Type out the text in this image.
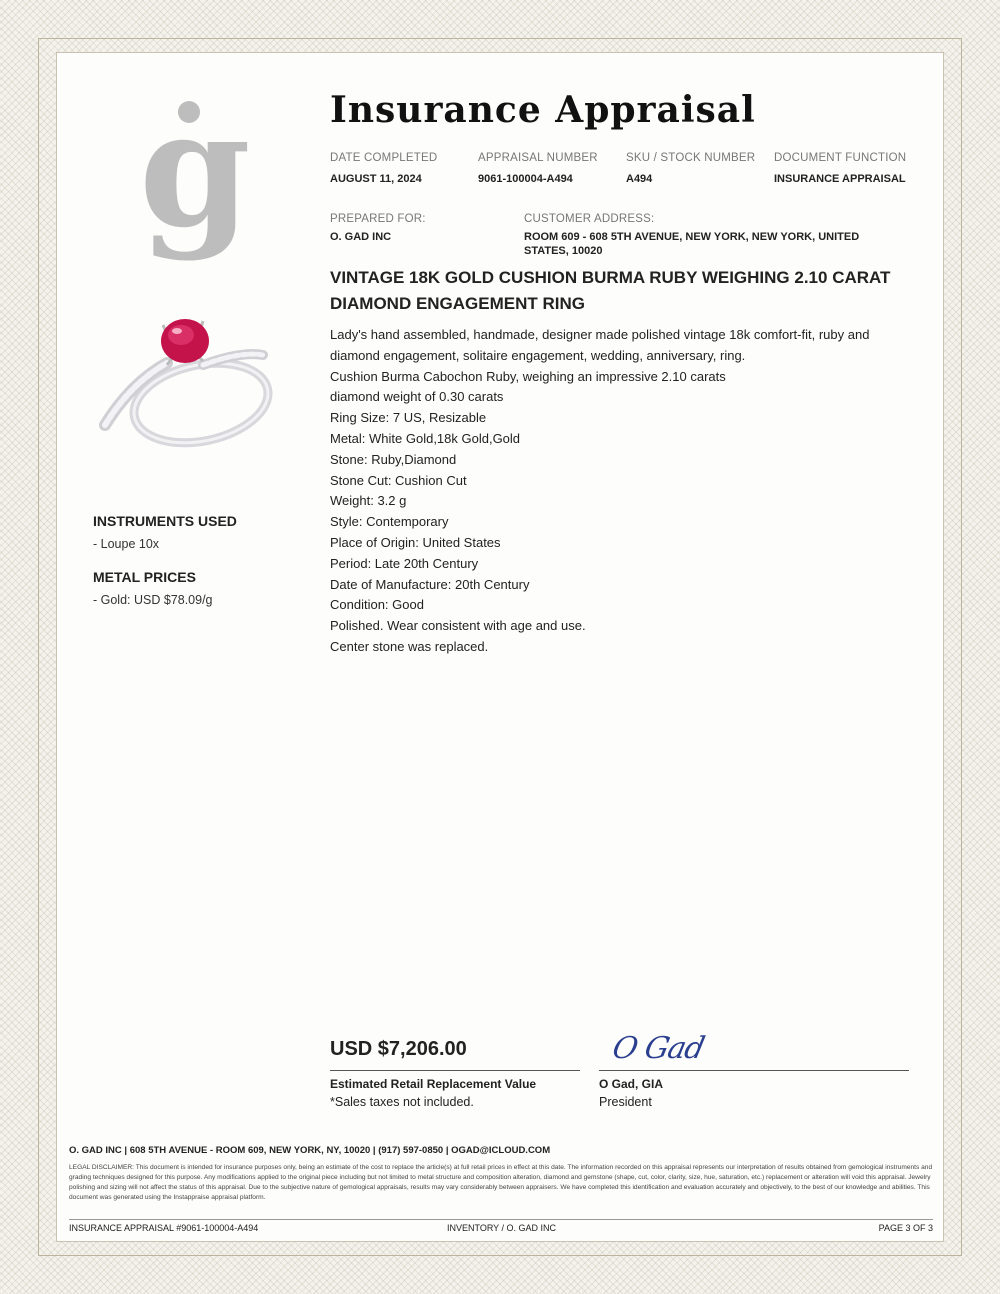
g Insurance Appraisal
DATE COMPLETED
AUGUST 11, 2024
APPRAISAL NUMBER
9061-100004-A494
SKU / STOCK NUMBER
A494
DOCUMENT FUNCTION
INSURANCE APPRAISAL
PREPARED FOR:
O. GAD INC
CUSTOMER ADDRESS:
ROOM 609 - 608 5TH AVENUE, NEW YORK, NEW YORK, UNITED STATES, 10020
VINTAGE 18K GOLD CUSHION BURMA RUBY WEIGHING 2.10 CARAT DIAMOND ENGAGEMENT RING
Lady's hand assembled, handmade, designer made polished vintage 18k comfort-fit, ruby and
diamond engagement, solitaire engagement, wedding, anniversary, ring.
Cushion Burma Cabochon Ruby, weighing an impressive 2.10 carats
diamond weight of 0.30 carats
Ring Size: 7 US, Resizable
Metal: White Gold,18k Gold,Gold
Stone: Ruby,Diamond
Stone Cut: Cushion Cut
Weight: 3.2 g
Style: Contemporary
Place of Origin: United States
Period: Late 20th Century
Date of Manufacture: 20th Century
Condition: Good
Polished. Wear consistent with age and use.
Center stone was replaced.
INSTRUMENTS USED
- Loupe 10x
METAL PRICES
- Gold: USD $78.09/g
USD $7,206.00
Estimated Retail Replacement Value
*Sales taxes not included.
O Gad
O Gad, GIA
President
O. GAD INC | 608 5TH AVENUE - ROOM 609, NEW YORK, NY, 10020 | (917) 597-0850 | OGAD@ICLOUD.COM
LEGAL DISCLAIMER: This document is intended for insurance purposes only, being an estimate of the cost to replace the article(s) at full retail prices in effect at this date. The information recorded on this appraisal represents our interpretation of results obtained from gemological instruments and grading techniques designed for this purpose. Any modifications applied to the original piece including but not limited to metal structure and composition alteration, diamond and gemstone (shape, cut, color, clarity, size, hue, saturation, etc.) replacement or alteration will void this appraisal. Jewelry polishing and sizing will not affect the status of this appraisal. Due to the subjective nature of gemological appraisals, results may vary considerably between appraisers. We have completed this identification and evaluation accurately and objectively, to the best of our knowledge and abilities. This document was generated using the Instappraise appraisal platform.
INSURANCE APPRAISAL #9061-100004-A494	INVENTORY / O. GAD INC	PAGE 3 OF 3
